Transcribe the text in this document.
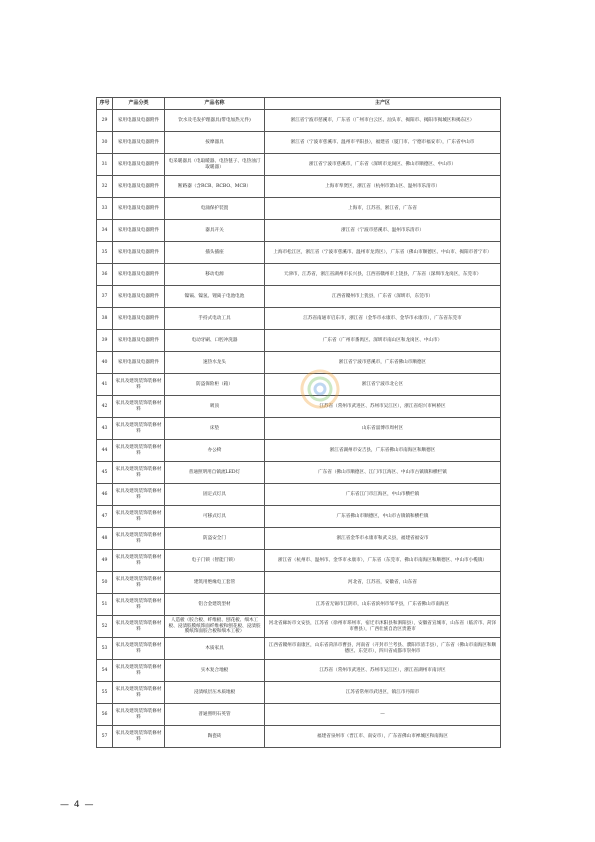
序号	产品分类	产品名称	主产区
29	家用电器及电器附件	饮水及毛发护理器具(带电加热元件)	浙江省宁波市慈溪市，广东省（广州市白云区、汕头市、揭阳市、揭阳市揭城区和揭东区）
30	家用电器及电器附件	按摩器具	浙江省（宁波市慈溪市、温州市平阳县），福建省（厦门市、宁德市福安市），广东省中山市
31	家用电器及电器附件	电采暖器具（电取暖器、电热毯子、电热油汀取暖器）	浙江省宁波市慈溪市，广东省（深圳市龙岗区、佛山市顺德区、中山市）
32	家用电器及电器附件	断路器（含RCB、RCBO、MCB）	上海市奉贤区，浙江省（杭州市萧山区、温州市乐清市）
33	家用电器及电器附件	电涌保护装置	上海市，江苏省，浙江省，广东省
34	家用电器及电器附件	器具开关	浙江省（宁波市慈溪市、温州市乐清市）
35	家用电器及电器附件	插头插座	上海市松江区，浙江省（宁波市慈溪市、温州市龙湾区），广东省（佛山市顺德区、中山市、揭阳市普宁市）
36	家用电器及电器附件	移动电源	天津市，江苏省，浙江省湖州市长兴县，江西省赣州市上饶县，广东省（深圳市龙岗区，东莞市）
37	家用电器及电器附件	镍镉、镍氢、锂离子电池电池	江西省赣州市上犹县，广东省（深圳市，东莞市）
38	家用电器及电器附件	手持式电动工具	江苏省南通市启东市，浙江省（金华市永康市、金华市永康市），广东省东莞市
39	家用电器及电器附件	电动牙刷、口腔冲洗器	广东省（广州市番禺区、深圳市南山区和龙岗区、中山市）
40	家用电器及电器附件	速热水龙头	浙江省宁波市慈溪市，广东省佛山市顺德区
41	家具及建筑装饰装修材料	防盗保险柜（箱）	浙江省宁波市北仑区
42	家具及建筑装饰装修材料	吸顶	江苏省（常州市武进区、苏州市吴江区），浙江省绍兴市柯桥区
43	家具及建筑装饰装修材料	床垫	山东省淄博市周村区
44	家具及建筑装饰装修材料	办公椅	浙江省湖州市安吉县，广东省佛山市南海区和顺德区
45	家具及建筑装饰装修材料	普通照明用自镇流LED灯	广东省（佛山市顺德区、江门市江海区、中山市古镇镇和横栏镇
46	家具及建筑装饰装修材料	固定式灯具	广东省江门市江海区，中山市横栏镇
47	家具及建筑装饰装修材料	可移式灯具	广东省佛山市顺德区，中山市古镇镇和横栏镇
48	家具及建筑装饰装修材料	防盗安全门	浙江省金华市永康市和武义县，福建省福安市
49	家具及建筑装饰装修材料	电子门锁（智能门锁）	浙江省（杭州市、温州市、金华市永康市），广东省（东莞市、佛山市南海区和顺德区、中山市小榄镇）
50	家具及建筑装饰装修材料	建筑用绝缘电工套管	河北省，江苏省，安徽省，山东省
51	家具及建筑装饰装修材料	铝合金建筑型材	江苏省无锡市江阴市，山东省滨州市邹平县，广东省佛山市南海区
52	家具及建筑装饰装修材料	人造板（胶合板、纤维板、刨花板、细木工板、浸渍胶膜纸饰面纤维板和刨花板、浸渍胶膜纸饰面胶合板和细木工板）	河北省廊坊市文安县，江苏省（徐州市邳州市、宿迁市沭阳县和泗阳县），安徽省宣城市，山东省（临沂市、菏泽市曹县），广西壮族自治区贵港市
53	家具及建筑装饰装修材料	木质家具	江西省赣州市南康区，山东省菏泽市曹县，河南省（开封市兰考县、濮阳市清丰县），广东省（佛山市南海区和顺德区、东莞市），四川省成都市崇州市
54	家具及建筑装饰装修材料	实木复合地板	江苏省（常州市武进区、苏州市吴江区），浙江省湖州市南浔区
55	家具及建筑装饰装修材料	浸渍纸层压木质地板	江苏省常州市武进区，镇江市丹阳市
56	家具及建筑装饰装修材料	普通照明石英管	—
57	家具及建筑装饰装修材料	陶瓷砖	福建省泉州市（晋江市、南安市），广东省佛山市禅城区和南海区
— 4 —
